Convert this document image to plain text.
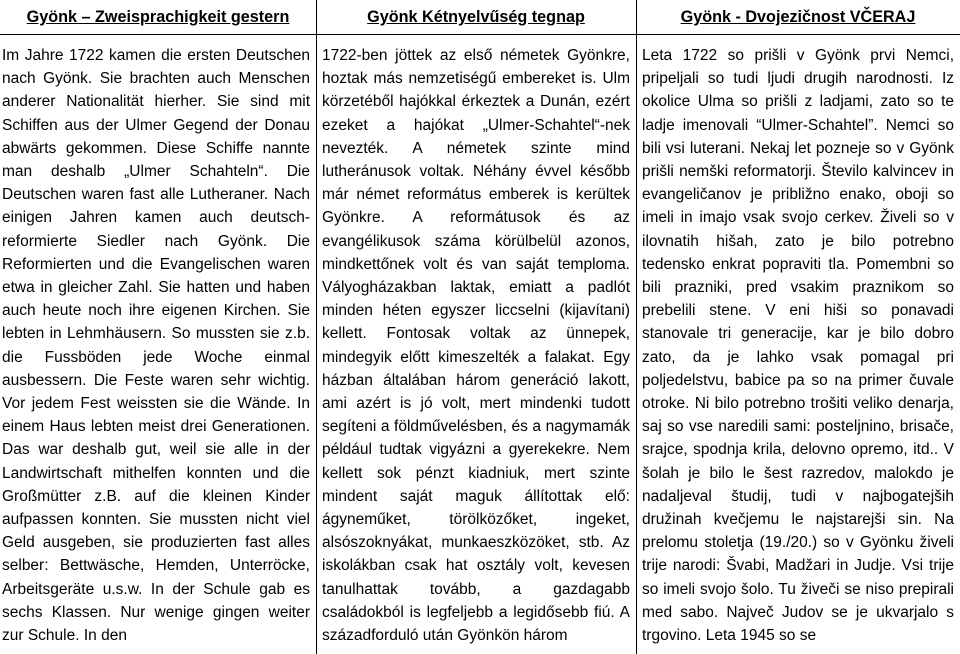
Gyönk – Zweisprachigkeit gestern
Im Jahre 1722 kamen die ersten Deutschen nach Gyönk. Sie brachten auch Menschen anderer Nationalität hierher. Sie sind mit Schiffen aus der Ulmer Gegend der Donau abwärts gekommen. Diese Schiffe nannte man deshalb „Ulmer Schahteln“. Die Deutschen waren fast alle Lutheraner. Nach einigen Jahren kamen auch deutsch-reformierte Siedler nach Gyönk. Die Reformierten und die Evangelischen waren etwa in gleicher Zahl. Sie hatten und haben auch heute noch ihre eigenen Kirchen. Sie lebten in Lehmhäusern. So mussten sie z.b. die Fussböden jede Woche einmal ausbessern. Die Feste waren sehr wichtig. Vor jedem Fest weissten sie die Wände. In einem Haus lebten meist drei Generationen. Das war deshalb gut, weil sie alle in der Landwirtschaft mithelfen konnten und die Großmütter z.B. auf die kleinen Kinder aufpassen konnten. Sie mussten nicht viel Geld ausgeben, sie produzierten fast alles selber: Bettwäsche, Hemden, Unterröcke, Arbeitsgeräte u.s.w. In der Schule gab es sechs Klassen. Nur wenige gingen weiter zur Schule. In den
Gyönk Kétnyelvűség tegnap
1722-ben jöttek az első németek Gyönkre, hoztak más nemzetiségű embereket is. Ulm körzetéből hajókkal érkeztek a Dunán, ezért ezeket a hajókat „Ulmer-Schahtel“-nek nevezték. A németek szinte mind lutheránusok voltak. Néhány évvel később már német református emberek is kerültek Gyönkre. A reformátusok és az evangélikusok száma körülbelül azonos, mindkettőnek volt és van saját temploma. Vályogházakban laktak, emiatt a padlót minden héten egyszer liccselni (kijavítani) kellett. Fontosak voltak az ünnepek, mindegyik előtt kimeszelték a falakat. Egy házban általában három generáció lakott, ami azért is jó volt, mert mindenki tudott segíteni a földművelésben, és a nagymamák például tudtak vigyázni a gyerekekre. Nem kellett sok pénzt kiadniuk, mert szinte mindent saját maguk állítottak elő: ágyneműket, törölközőket, ingeket, alsószoknyákat, munkaeszközöket, stb. Az iskolákban csak hat osztály volt, kevesen tanulhattak tovább, a gazdagabb családokból is legfeljebb a legidősebb fiú. A századforduló után Gyönkön három
Gyönk - Dvojezičnost VČERAJ
Leta 1722 so prišli v Gyönk prvi Nemci, pripeljali so tudi ljudi drugih narodnosti. Iz okolice Ulma so prišli z ladjami, zato so te ladje imenovali “Ulmer-Schahtel”. Nemci so bili vsi luterani. Nekaj let pozneje so v Gyönk prišli nemški reformatorji. Število kalvincev in evangeličanov je približno enako, oboji so imeli in imajo vsak svojo cerkev. Živeli so v ilovnatih hišah, zato je bilo potrebno tedensko enkrat popraviti tla. Pomembni so bili prazniki, pred vsakim praznikom so prebelili stene. V eni hiši so ponavadi stanovale tri generacije, kar je bilo dobro zato, da je lahko vsak pomagal pri poljedelstvu, babice pa so na primer čuvale otroke. Ni bilo potrebno trošiti veliko denarja, saj so vse naredili sami: posteljnino, brisače, srajce, spodnja krila, delovno opremo, itd.. V šolah je bilo le šest razredov, malokdo je nadaljeval študij, tudi v najbogatejših družinah kvečjemu le najstarejši sin. Na prelomu stoletja (19./20.) so v Gyönku živeli trije narodi: Švabi, Madžari in Judje. Vsi trije so imeli svojo šolo. Tu živeči se niso prepirali med sabo. Največ Judov se je ukvarjalo s trgovino. Leta 1945 so se
